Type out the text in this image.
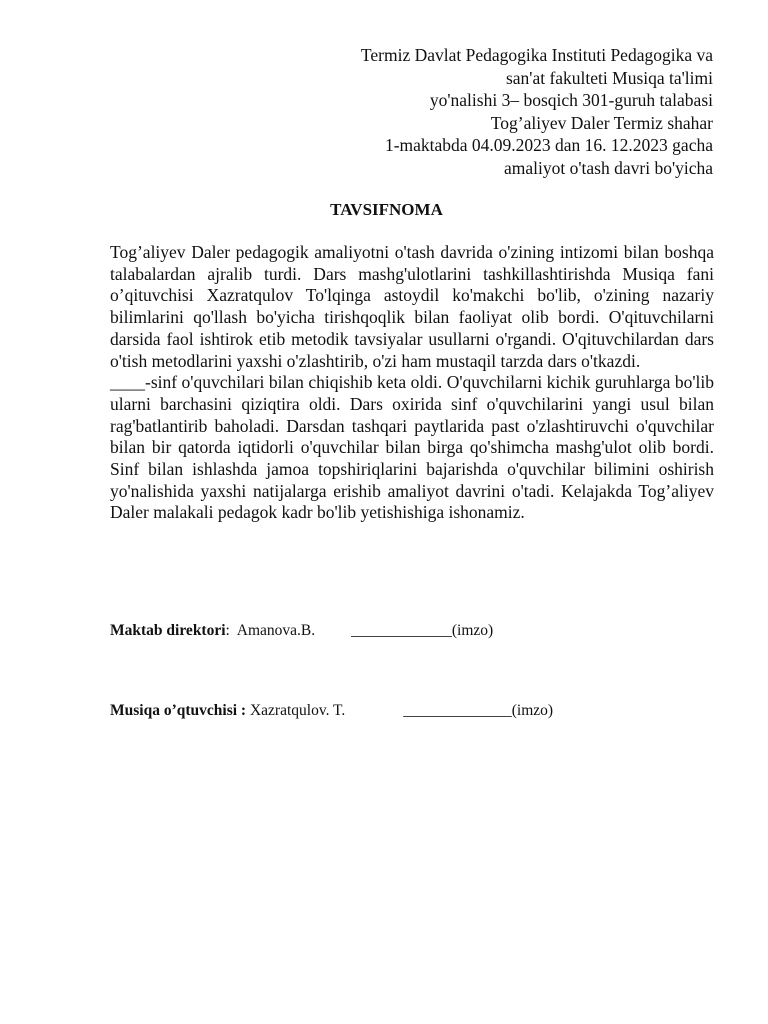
Termiz Davlat Pedagogika Instituti Pedagogika va
san'at fakulteti Musiqa ta'limi
yo'nalishi 3– bosqich 301-guruh talabasi
Tog’aliyev Daler Termiz shahar
1-maktabda 04.09.2023 dan 16. 12.2023 gacha
amaliyot o'tash davri bo'yicha
TAVSIFNOMA

Tog’aliyev Daler pedagogik amaliyotni o'tash davrida o'zining intizomi bilan boshqa talabalardan ajralib turdi. Dars mashg'ulotlarini tashkillashtirishda Musiqa fani o’qituvchisi Xazratqulov To'lqinga astoydil ko'makchi bo'lib, o'zining nazariy bilimlarini qo'llash bo'yicha tirishqoqlik bilan faoliyat olib bordi. O'qituvchilarni darsida faol ishtirok etib metodik tavsiyalar usullarni o'rgandi. O'qituvchilardan dars o'tish metodlarini yaxshi o'zlashtirib, o'zi ham mustaqil tarzda dars o'tkazdi.

____-sinf o'quvchilari bilan chiqishib keta oldi. O'quvchilarni kichik guruhlarga bo'lib ularni barchasini qiziqtira oldi. Dars oxirida sinf o'quvchilarini yangi usul bilan rag'batlantirib baholadi. Darsdan tashqari paytlarida past o'zlashtiruvchi o'quvchilar bilan bir qatorda iqtidorli o'quvchilar bilan birga qo'shimcha mashg'ulot olib bordi. Sinf bilan ishlashda jamoa topshiriqlarini bajarishda o'quvchilar bilimini oshirish yo'nalishida yaxshi natijalarga erishib amaliyot davrini o'tadi. Kelajakda Tog’aliyev Daler malakali pedagok kadr bo'lib yetishishiga ishonamiz.

Maktab direktori: Amanova.B. _____________(imzo)
Musiqa o’qtuvchisi : Xazratqulov. T.	______________(imzo)
